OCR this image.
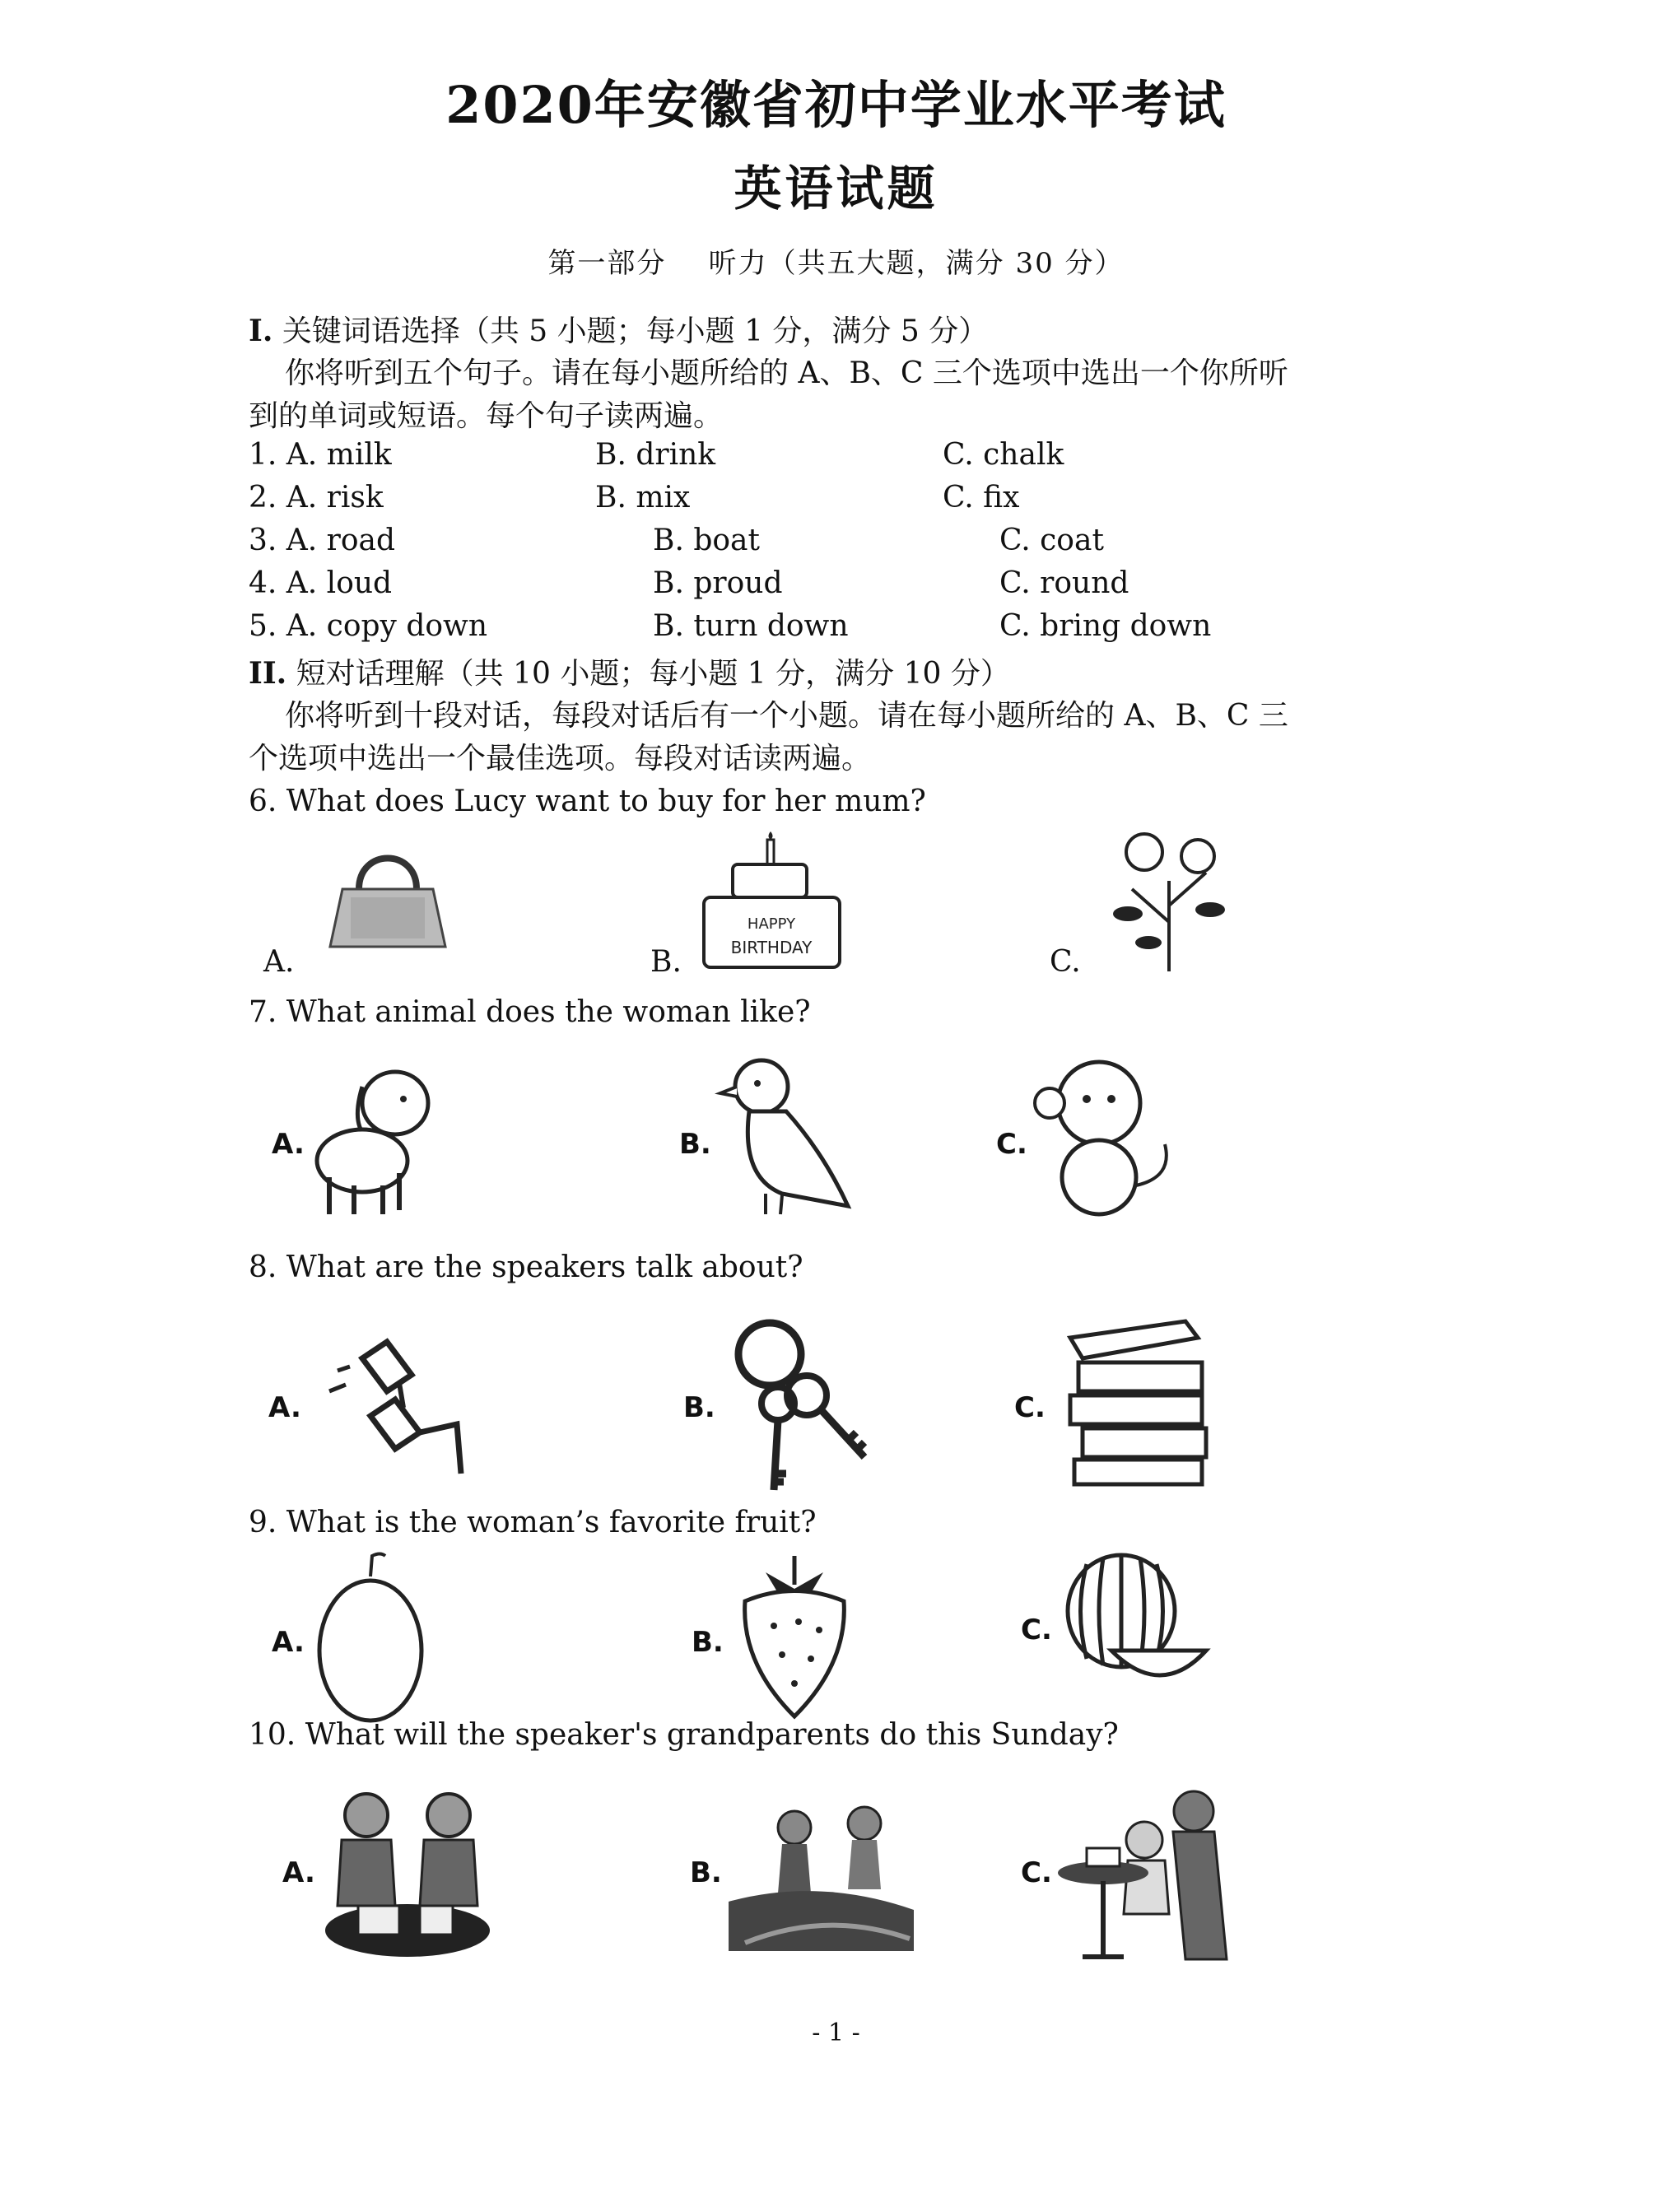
2020年安徽省初中学业水平考试
英语试题
第一部分    听力（共五大题，满分 30 分）
I. 关键词语选择（共 5 小题；每小题 1 分，满分 5 分）
你将听到五个句子。请在每小题所给的 A、B、C 三个选项中选出一个你所听
到的单词或短语。每个句子读两遍。
1. A. milk	B. drink	C. chalk
2. A. risk	B. mix	C. fix
3. A. road	B. boat	C. coat
4. A. loud	B. proud	C. round
5. A. copy down	B. turn down	C. bring down
II. 短对话理解（共 10 小题；每小题 1 分，满分 10 分）
你将听到十段对话，每段对话后有一个小题。请在每小题所给的 A、B、C 三
个选项中选出一个最佳选项。每段对话读两遍。
6. What does Lucy want to buy for her mum?
A.	B.
HAPPY
BIRTHDAY	C.
7. What animal does the woman like?
A.	B.	C.
8. What are the speakers talk about?
A.	B.	C.
9. What is the woman’s favorite fruit?
A.	B.	C.
10. What will the speaker's grandparents do this Sunday?
A.	B.	C.
- 1 -
